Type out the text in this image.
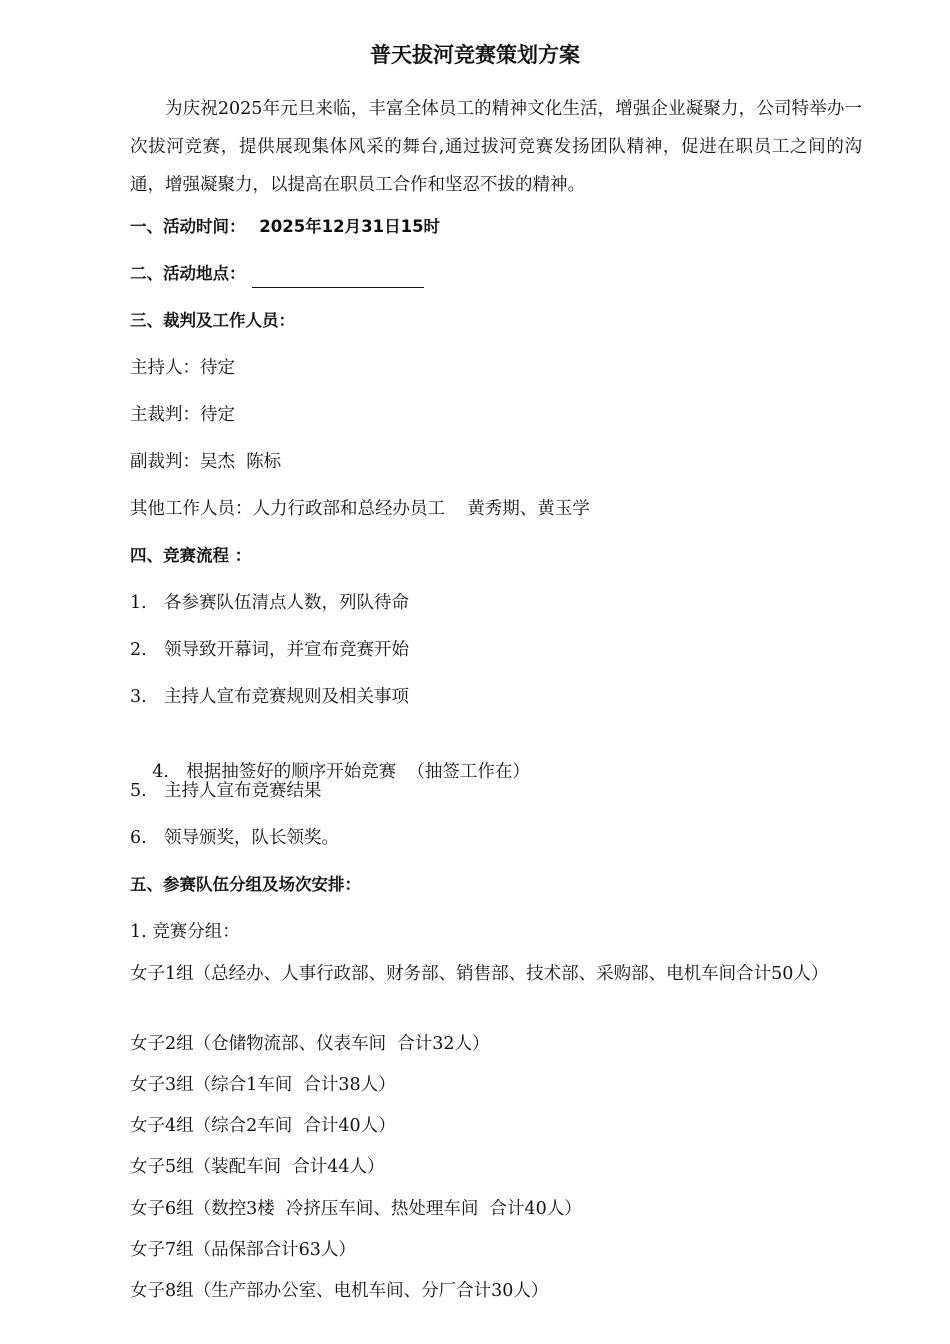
普天拔河竞赛策划方案
为庆祝2025年元旦来临，丰富全体员工的精神文化生活，增强企业凝聚力，公司特举办一次拔河竞赛，提供展现集体风采的舞台,通过拔河竞赛发扬团队精神，促进在职员工之间的沟通，增强凝聚力，以提高在职员工合作和坚忍不拔的精神。
一、活动时间： 2025年12月31日15时
二、活动地点：
三、裁判及工作人员：
主持人：待定
主裁判：待定
副裁判：吴杰  陈标
其他工作人员：人力行政部和总经办员工    黄秀期、黄玉学
四、竞赛流程 ：
1. 各参赛队伍清点人数，列队待命
2. 领导致开幕词，并宣布竞赛开始
3. 主持人宣布竞赛规则及相关事项

4. 根据抽签好的顺序开始竞赛  （抽签工作在）

5. 主持人宣布竞赛结果
6. 领导颁奖，队长领奖。
五、参赛队伍分组及场次安排：
1. 竞赛分组：
女子1组（总经办、人事行政部、财务部、销售部、技术部、采购部、电机车间合计50人）
女子2组（仓储物流部、仪表车间  合计32人）
女子3组（综合1车间  合计38人）
女子4组（综合2车间  合计40人）
女子5组（装配车间  合计44人）
女子6组（数控3楼  冷挤压车间、热处理车间  合计40人）
女子7组（品保部合计63人）
女子8组（生产部办公室、电机车间、分厂合计30人）
